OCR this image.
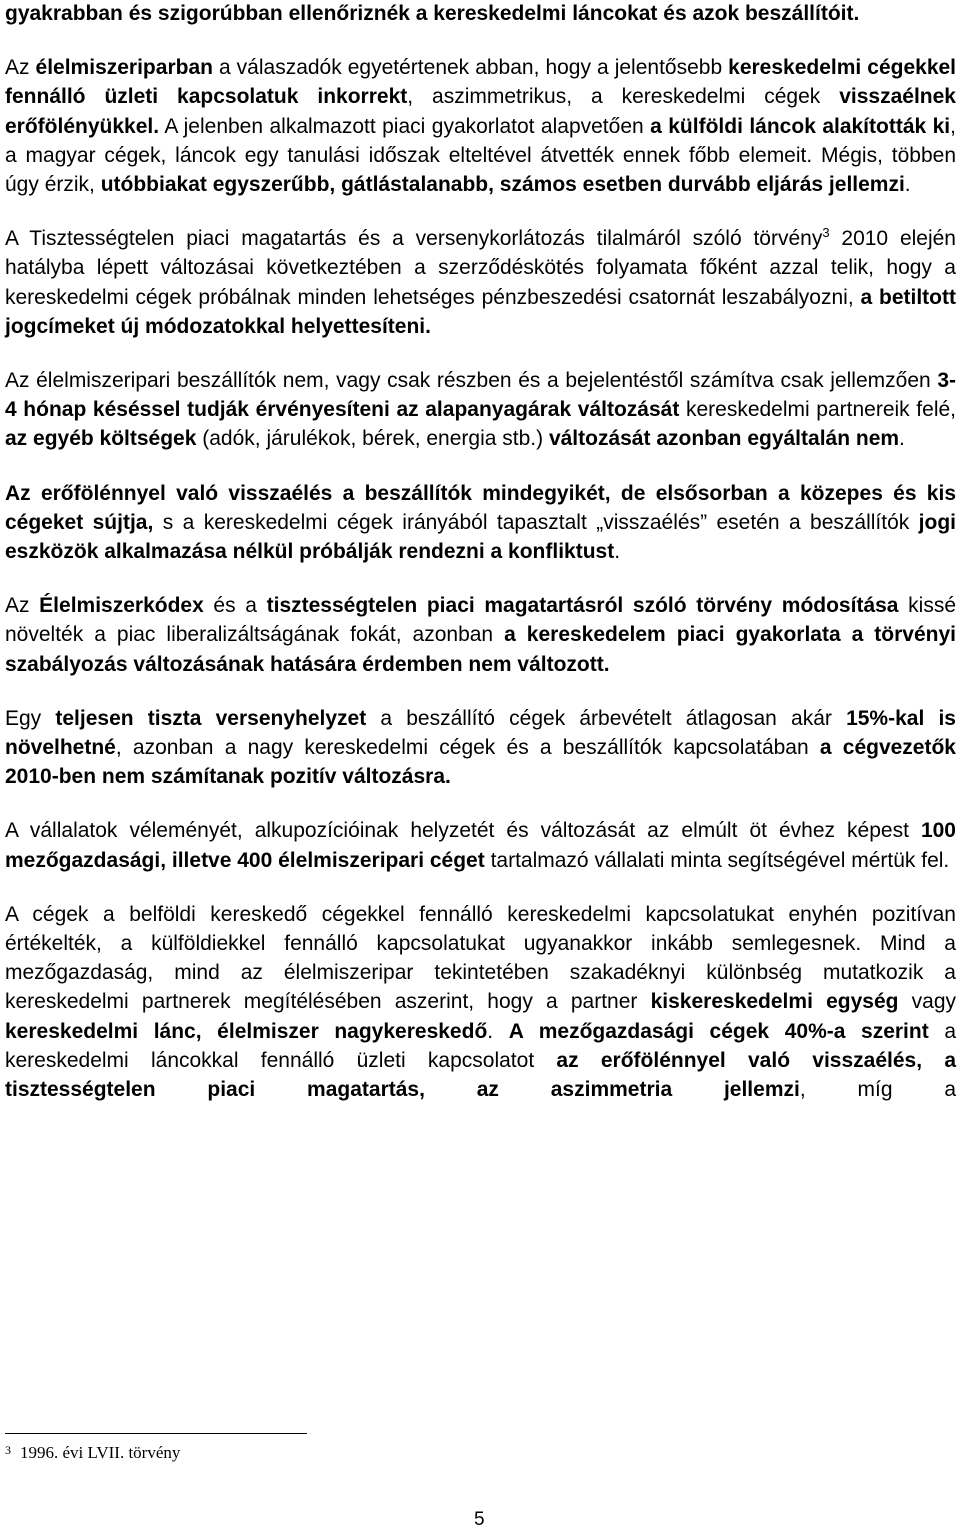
gyakrabban és szigorúbban ellenőriznék a kereskedelmi láncokat és azok beszállítóit.

Az élelmiszeriparban a válaszadók egyetértenek abban, hogy a jelentősebb kereskedelmi cégekkel fennálló üzleti kapcsolatuk inkorrekt, aszimmetrikus, a kereskedelmi cégek visszaélnek erőfölényükkel. A jelenben alkalmazott piaci gyakorlatot alapvetően a külföldi láncok alakították ki, a magyar cégek, láncok egy tanulási időszak elteltével átvették ennek főbb elemeit. Mégis, többen úgy érzik, utóbbiakat egyszerűbb, gátlástalanabb, számos esetben durvább eljárás jellemzi.

A Tisztességtelen piaci magatartás és a versenykorlátozás tilalmáról szóló törvény$^3$ 2010 elején hatályba lépett változásai következtében a szerződéskötés folyamata főként azzal telik, hogy a kereskedelmi cégek próbálnak minden lehetséges pénzbeszedési csatornát leszabályozni, a betiltott jogcímeket új módozatokkal helyettesíteni.

Az élelmiszeripari beszállítók nem, vagy csak részben és a bejelentéstől számítva csak jellemzően 3-4 hónap késéssel tudják érvényesíteni az alapanyagárak változását kereskedelmi partnereik felé, az egyéb költségek (adók, járulékok, bérek, energia stb.) változását azonban egyáltalán nem.

Az erőfölénnyel való visszaélés a beszállítók mindegyikét, de elsősorban a közepes és kis cégeket sújtja, s a kereskedelmi cégek irányából tapasztalt „visszaélés” esetén a beszállítók jogi eszközök alkalmazása nélkül próbálják rendezni a konfliktust.

Az Élelmiszerkódex és a tisztességtelen piaci magatartásról szóló törvény módosítása kissé növelték a piac liberalizáltságának fokát, azonban a kereskedelem piaci gyakorlata a törvényi szabályozás változásának hatására érdemben nem változott.

Egy teljesen tiszta versenyhelyzet a beszállító cégek árbevételt átlagosan akár 15%-kal is növelhetné, azonban a nagy kereskedelmi cégek és a beszállítók kapcsolatában a cégvezetők 2010-ben nem számítanak pozitív változásra.

A vállalatok véleményét, alkupozícióinak helyzetét és változását az elmúlt öt évhez képest 100 mezőgazdasági, illetve 400 élelmiszeripari céget tartalmazó vállalati minta segítségével mértük fel.

A cégek a belföldi kereskedő cégekkel fennálló kereskedelmi kapcsolatukat enyhén pozitívan értékelték, a külföldiekkel fennálló kapcsolatukat ugyanakkor inkább semlegesnek. Mind a mezőgazdaság, mind az élelmiszeripar tekintetében szakadéknyi különbség mutatkozik a kereskedelmi partnerek megítélésében aszerint, hogy a partner kiskereskedelmi egység vagy kereskedelmi lánc, élelmiszer nagykereskedő. A mezőgazdasági cégek 40%-a szerint a kereskedelmi láncokkal fennálló üzleti kapcsolatot az erőfölénnyel való visszaélés, a tisztességtelen piaci magatartás, az aszimmetria jellemzi, míg a

$^3$ 1996. évi LVII. törvény
5
